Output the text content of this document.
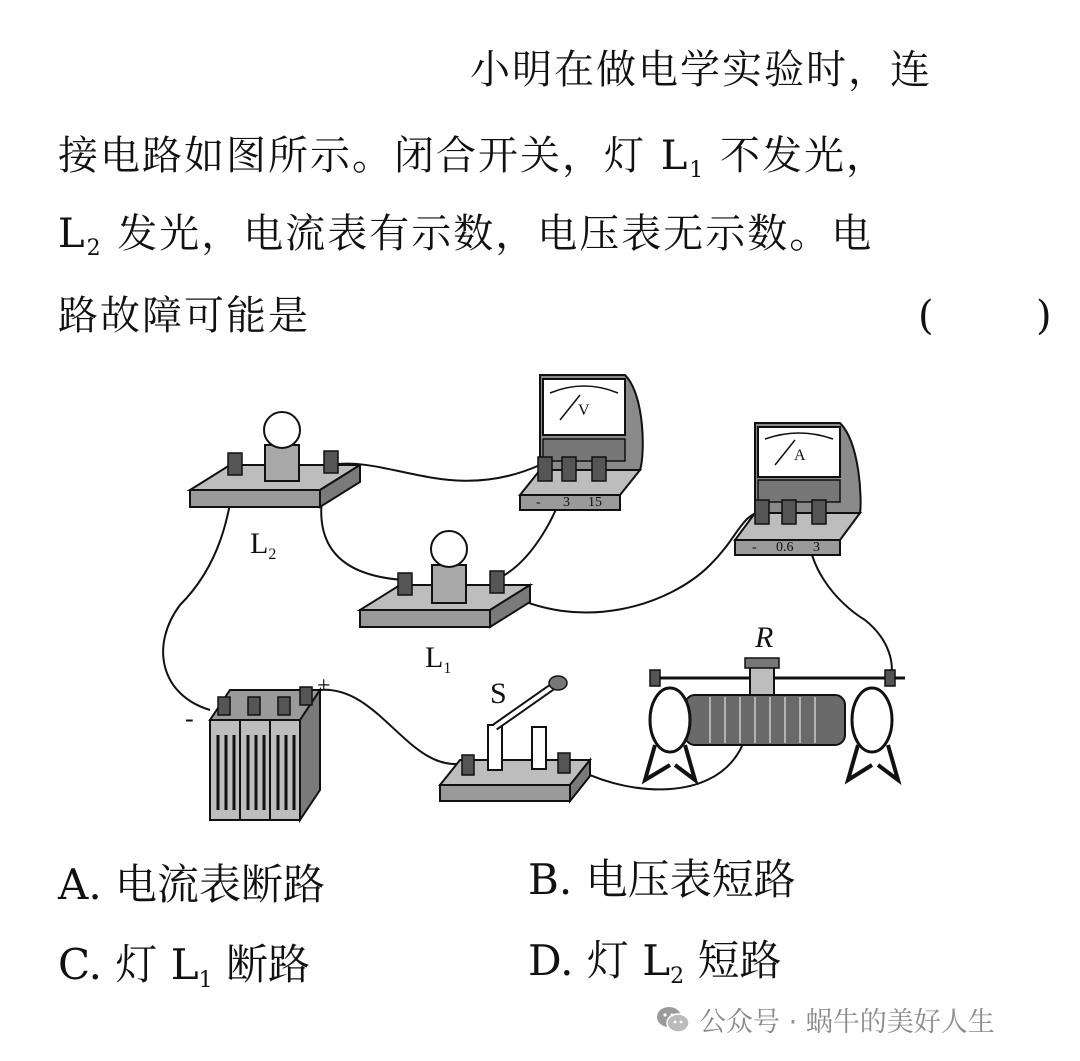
小明在做电学实验时，连
接电路如图所示。闭合开关，灯 $L_1$ 不发光，
$L_2$ 发光，电流表有示数，电压表无示数。电
路故障可能是	(	)
$L_2$
$L_1$
V
- 3 15
A
- 0.6 3
-
+	S
R
A. 电流表断路	B. 电压表短路
C. 灯 $L_1$ 断路	D. 灯 $L_2$ 短路
公众号 · 蜗牛的美好人生
